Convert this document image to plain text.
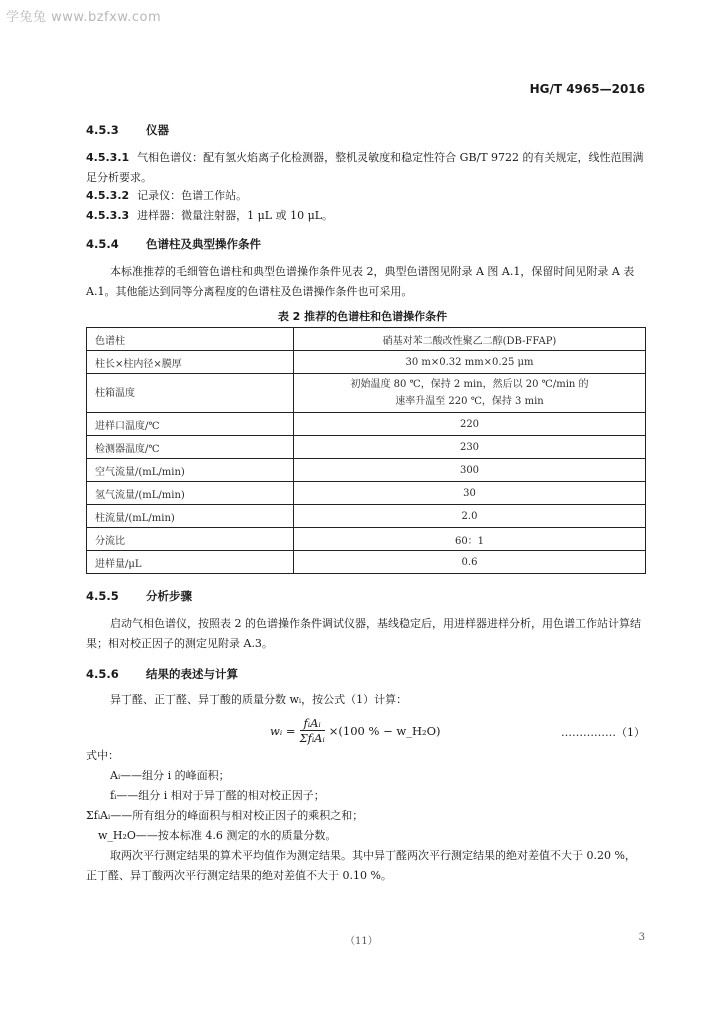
学兔兔 www.bzfxw.com
HG/T 4965—2016
4.5.3 仪器
4.5.3.1 气相色谱仪：配有氢火焰离子化检测器，整机灵敏度和稳定性符合 GB/T 9722 的有关规定，线性范围满足分析要求。
4.5.3.2 记录仪：色谱工作站。
4.5.3.3 进样器：微量注射器，1 μL 或 10 μL。
4.5.4 色谱柱及典型操作条件
本标准推荐的毛细管色谱柱和典型色谱操作条件见表 2，典型色谱图见附录 A 图 A.1，保留时间见附录 A 表 A.1。其他能达到同等分离程度的色谱柱及色谱操作条件也可采用。
表 2 推荐的色谱柱和色谱操作条件
色谱柱	硝基对苯二酸改性聚乙二醇(DB-FFAP)
柱长×柱内径×膜厚	30 m×0.32 mm×0.25 μm
柱箱温度	初始温度 80 ℃，保持 2 min，然后以 20 ℃/min 的
速率升温至 220 ℃，保持 3 min

进样口温度/℃	220
检测器温度/℃	230
空气流量/(mL/min)	300
氢气流量/(mL/min)	30
柱流量/(mL/min)	2.0
分流比	60：1
进样量/μL	0.6
4.5.5 分析步骤
启动气相色谱仪，按照表 2 的色谱操作条件调试仪器，基线稳定后，用进样器进样分析，用色谱工作站计算结果；相对校正因子的测定见附录 A.3。
4.5.6 结果的表述与计算
异丁醛、正丁醛、异丁酸的质量分数 wᵢ，按公式（1）计算：
wᵢ = $\frac{\text{fᵢAᵢ}}{\text{ΣfᵢAᵢ}} \times(100$ % − w_H₂O)	……………（1）
式中：
Aᵢ——组分 i 的峰面积；
fᵢ——组分 i 相对于异丁醛的相对校正因子；
ΣfᵢAᵢ——所有组分的峰面积与相对校正因子的乘积之和；
w_H₂O——按本标准 4.6 测定的水的质量分数。
取两次平行测定结果的算术平均值作为测定结果。其中异丁醛两次平行测定结果的绝对差值不大于 0.20 %，正丁醛、异丁酸两次平行测定结果的绝对差值不大于 0.10 %。
（11）	3
